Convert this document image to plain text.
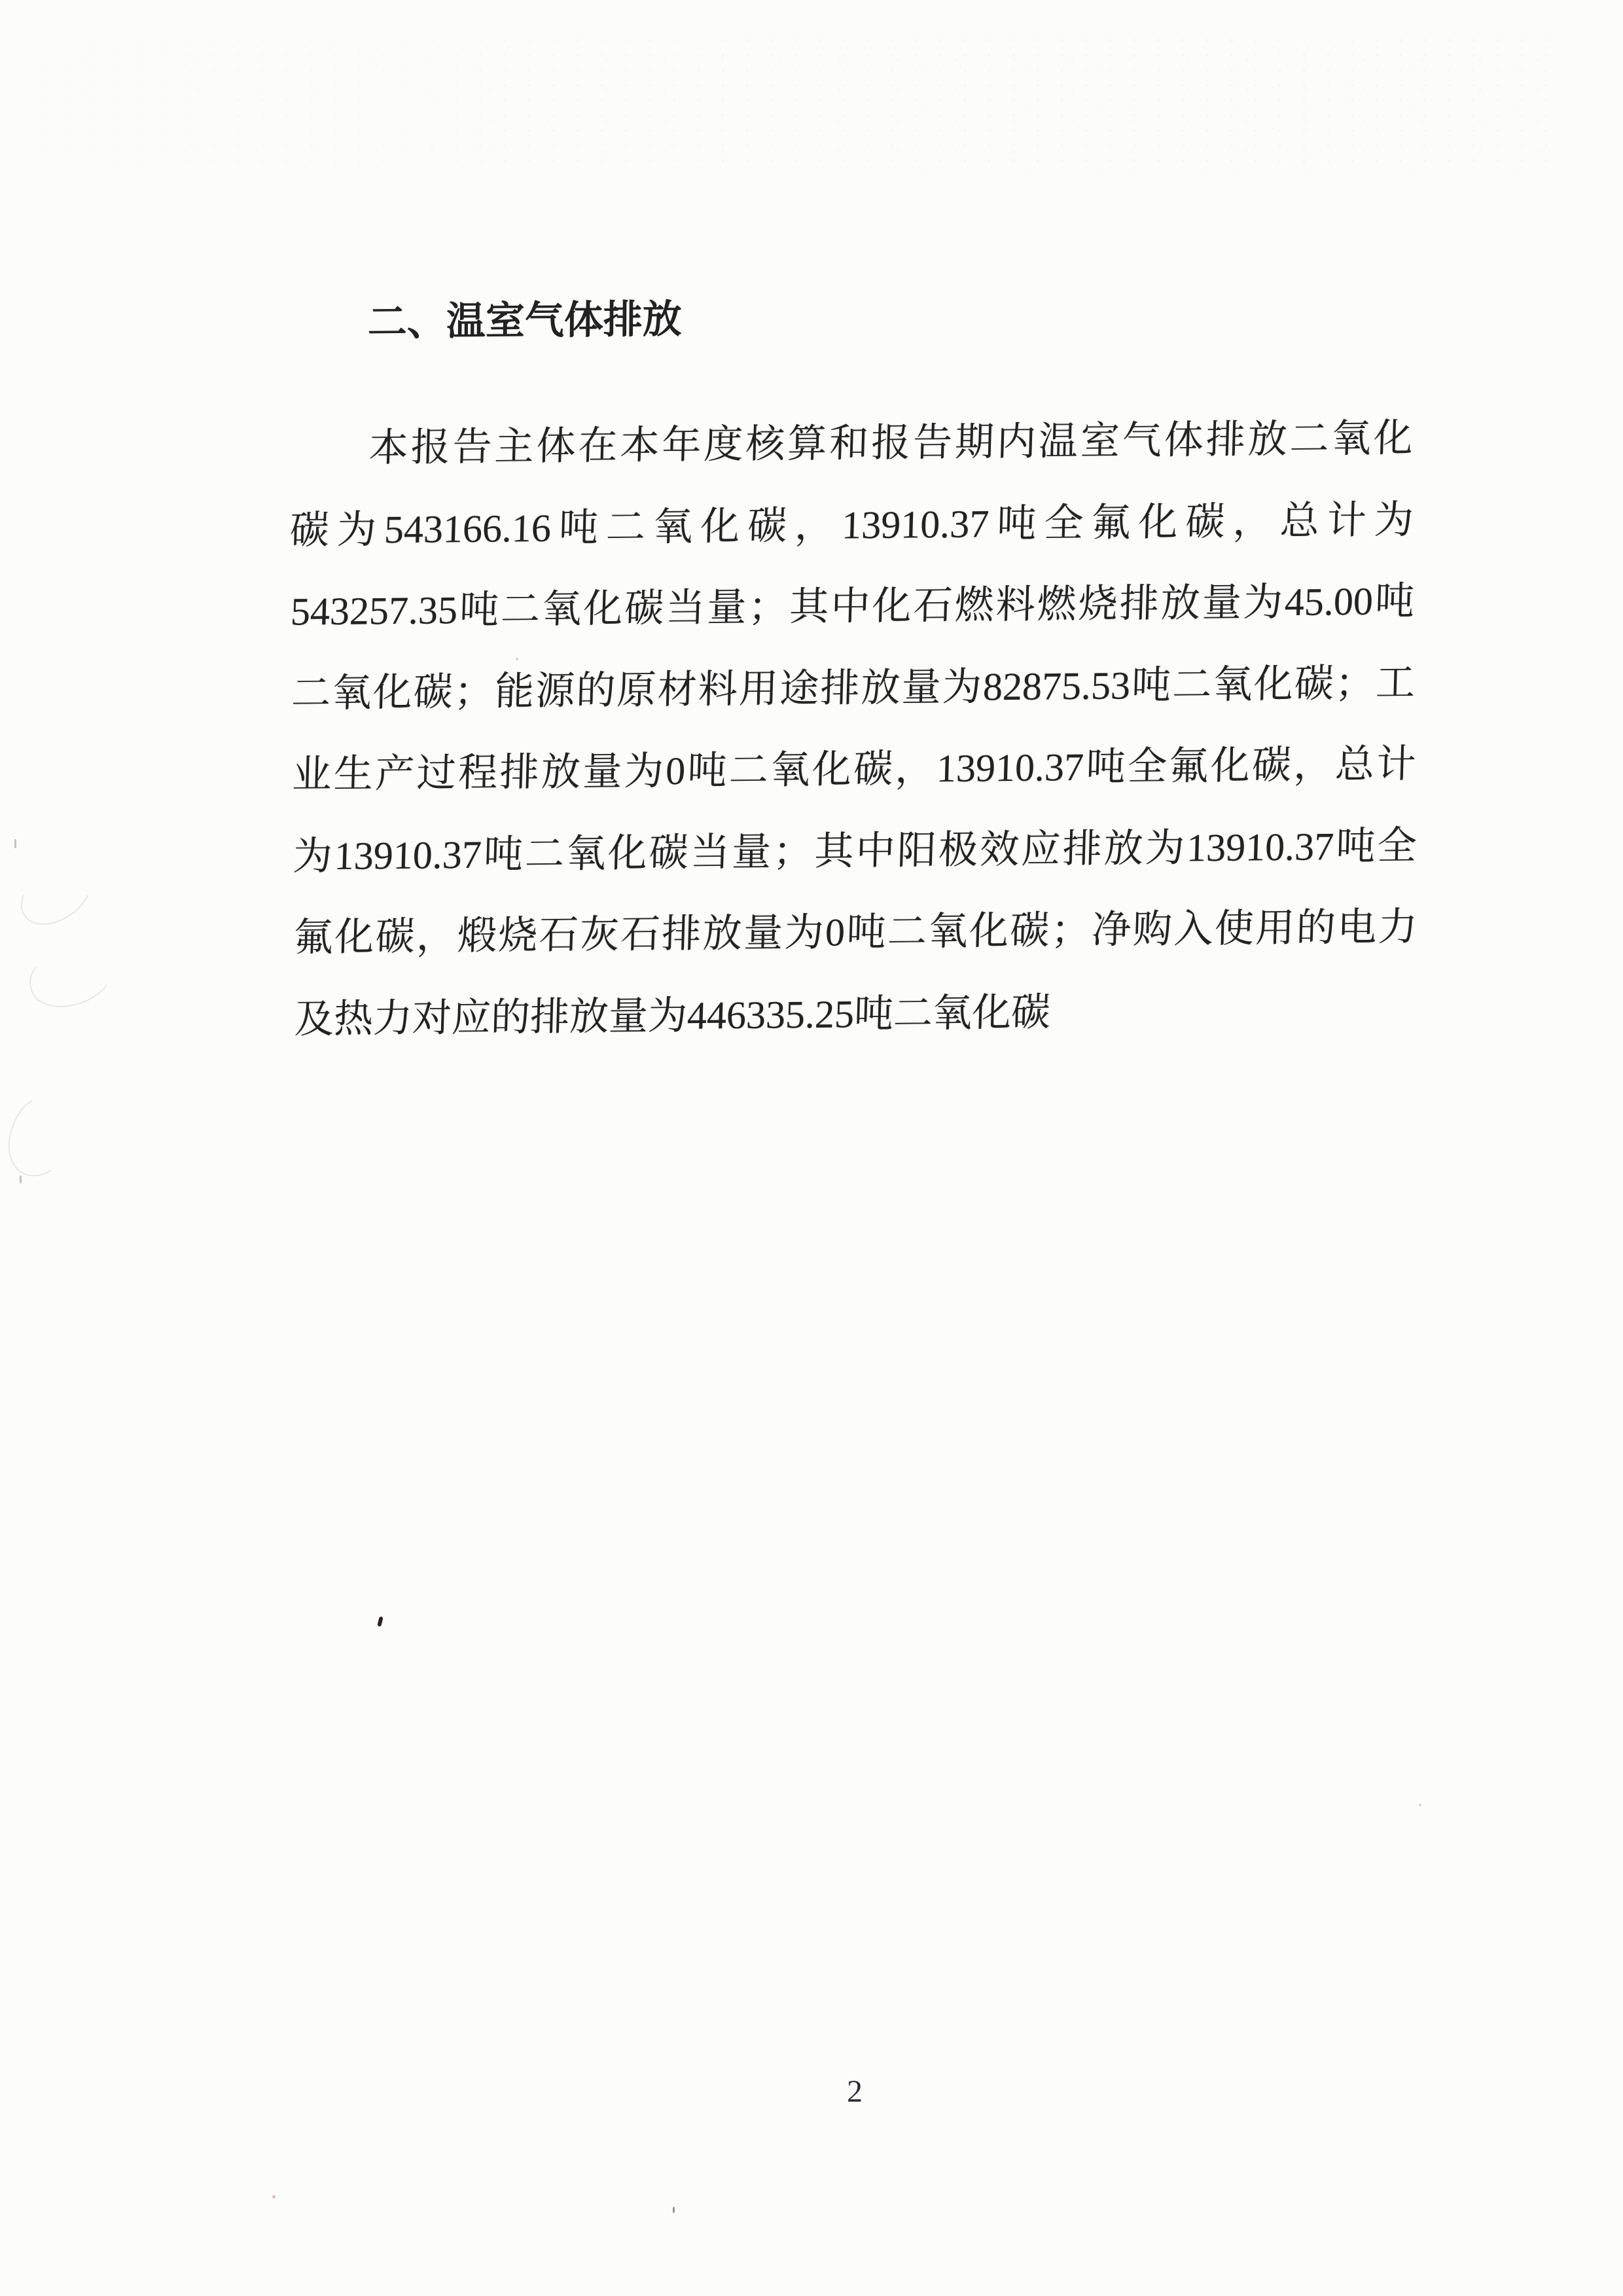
二、温室气体排放
本报告主体在本年度核算和报告期内温室气体排放二氧化
碳为543166.16吨二氧化碳，13910.37吨全氟化碳，总计为
543257.35吨二氧化碳当量；其中化石燃料燃烧排放量为45.00吨
二氧化碳；能源的原材料用途排放量为82875.53吨二氧化碳；工
业生产过程排放量为0吨二氧化碳，13910.37吨全氟化碳，总计
为13910.37吨二氧化碳当量；其中阳极效应排放为13910.37吨全
氟化碳，煅烧石灰石排放量为0吨二氧化碳；净购入使用的电力
及热力对应的排放量为446335.25吨二氧化碳
2
